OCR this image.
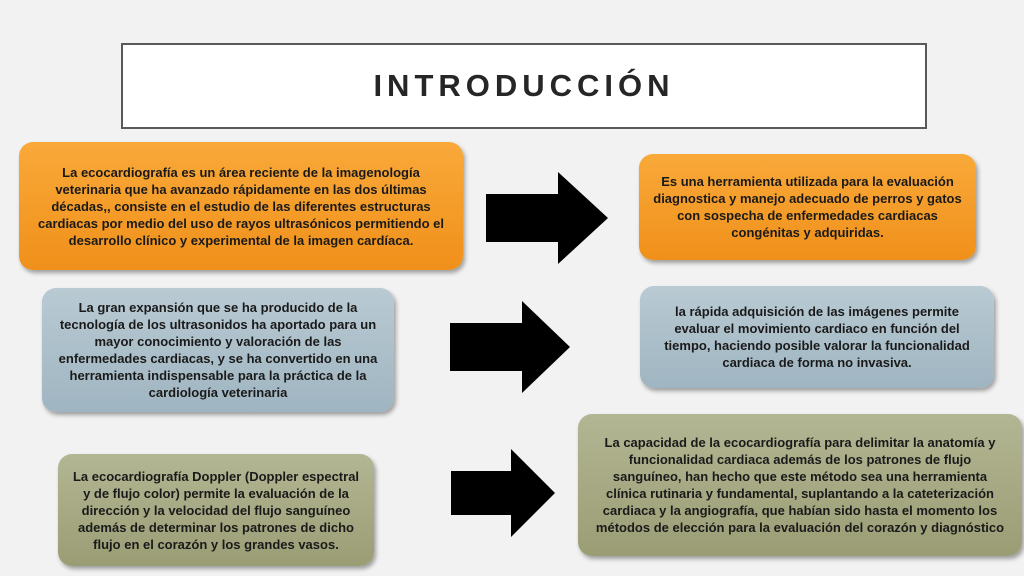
INTRODUCCIÓN
La ecocardiografía es un área reciente de la imagenología veterinaria que ha avanzado rápidamente en las dos últimas décadas,, consiste en el estudio de las diferentes estructuras cardiacas por medio del uso de rayos ultrasónicos permitiendo el desarrollo clínico y experimental de la imagen cardíaca.
Es una herramienta utilizada para la evaluación diagnostica y manejo adecuado de perros y gatos con sospecha de enfermedades cardiacas congénitas y adquiridas.
La gran expansión que se ha producido de la tecnología de los ultrasonidos ha aportado para un mayor conocimiento y valoración de las enfermedades cardiacas, y se ha convertido en una herramienta indispensable para la práctica de la cardiología veterinaria
la rápida adquisición de las imágenes permite evaluar el movimiento cardiaco en función del tiempo, haciendo posible valorar la funcionalidad cardiaca de forma no invasiva.
La ecocardiografía Doppler (Doppler espectral y de flujo color) permite la evaluación de la dirección y la velocidad del flujo sanguíneo además de determinar los patrones de dicho flujo en el corazón y los grandes vasos.
La capacidad de la ecocardiografía para delimitar la anatomía y funcionalidad cardiaca además de los patrones de flujo sanguíneo, han hecho que este método sea una herramienta clínica rutinaria y fundamental, suplantando a la cateterización cardiaca y la angiografía, que habían sido hasta el momento los métodos de elección para la evaluación del corazón y diagnóstico
